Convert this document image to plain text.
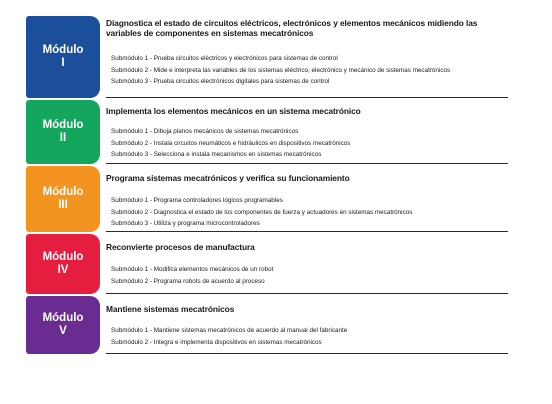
Módulo
I
Diagnostica el estado de circuitos eléctricos, electrónicos y elementos mecánicos midiendo las variables de componentes en sistemas mecatrónicos
Submódulo 1 - Prueba circuitos eléctricos y electrónicos para sistemas de control
Submódulo 2 - Mide e interpreta las variables de los sistemas eléctrico, electrónico y mecánico de sistemas mecatrónicos
Submódulo 3 - Prueba circuitos electrónicos digitales para sistemas de control
Módulo
II
Implementa los elementos mecánicos en un sistema mecatrónico
Submódulo 1 - Dibuja planos mecánicos de sistemas mecatrónicos
Submódulo 2 - Instala circuitos neumáticos e hidráulicos en dispositivos mecatrónicos
Submódulo 3 - Selecciona e instala mecanismos en sistemas mecatrónicos
Módulo
III
Programa sistemas mecatrónicos y verifica su funcionamiento
Submódulo 1 - Programa controladores lógicos programables
Submódulo 2 - Diagnostica el estado de los componentes de fuerza y actuadores en sistemas mecatrónicos
Submódulo 3 - Utiliza y programa microcontroladores
Módulo
IV
Reconvierte procesos de manufactura
Submódulo 1 - Modifica elementos mecánicos de un robot
Submódulo 2 - Programa robots de acuerdo al proceso
Módulo
V
Mantiene sistemas mecatrónicos
Submódulo 1 - Mantiene sistemas mecatrónicos de acuerdo al manual del fabricante
Submódulo 2 - Integra e implementa dispositivos en sistemas mecatrónicos
